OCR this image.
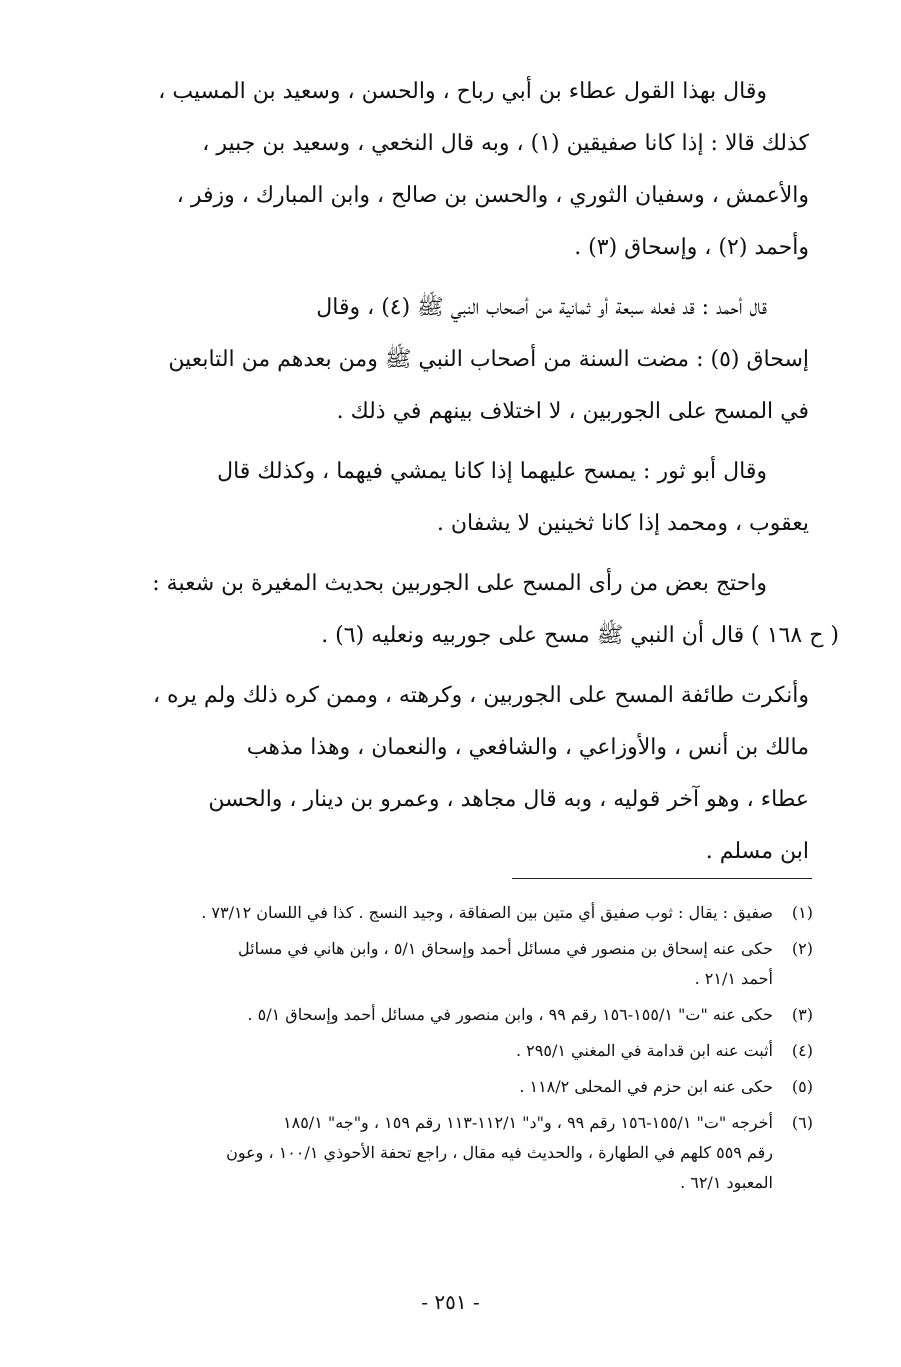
وقال بهذا القول عطاء بن أبي رباح ، والحسن ، وسعيد بن المسيب ،
كذلك قالا : إذا كانا صفيقين (١) ، وبه قال النخعي ، وسعيد بن جبير ،
والأعمش ، وسفيان الثوري ، والحسن بن صالح ، وابن المبارك ، وزفر ،
وأحمد (٢) ، وإسحاق (٣) .
قال أحمد : قد فعله سبعة أو ثمانية من أصحاب النبي ﷺ (٤) ، وقال
إسحاق (٥) : مضت السنة من أصحاب النبي ﷺ ومن بعدهم من التابعين
في المسح على الجوربين ، لا اختلاف بينهم في ذلك .
وقال أبو ثور : يمسح عليهما إذا كانا يمشي فيهما ، وكذلك قال
يعقوب ، ومحمد إذا كانا ثخينين لا يشفان .
واحتج بعض من رأى المسح على الجوربين بحديث المغيرة بن شعبة :
( ح ١٦٨ ) قال أن النبي ﷺ مسح على جوربيه ونعليه (٦) .
وأنكرت طائفة المسح على الجوربين ، وكرهته ، وممن كره ذلك ولم يره ،
مالك بن أنس ، والأوزاعي ، والشافعي ، والنعمان ، وهذا مذهب
عطاء ، وهو آخر قوليه ، وبه قال مجاهد ، وعمرو بن دينار ، والحسن
ابن مسلم .
(١)
صفيق : يقال : ثوب صفيق أي متين بين الصفاقة ، وجيد النسج . كذا في اللسان ٧٣/١٢ .
(٢)
حكى عنه إسحاق بن منصور في مسائل أحمد وإسحاق ٥/١ ، وابن هاني في مسائل
أحمد ٢١/١ .
(٣)
حكى عنه "ت" ١٥٥/١-١٥٦ رقم ٩٩ ، وابن منصور في مسائل أحمد وإسحاق ٥/١ .
(٤)
أثبت عنه ابن قدامة في المغني ٢٩٥/١ .
(٥)
حكى عنه ابن حزم في المحلى ١١٨/٢ .
(٦)
أخرجه "ت" ١٥٥/١-١٥٦ رقم ٩٩ ، و"د" ١١٢/١-١١٣ رقم ١٥٩ ، و"جه" ١٨٥/١
رقم ٥٥٩ كلهم في الطهارة ، والحديث فيه مقال ، راجع تحفة الأحوذي ١٠٠/١ ، وعون
المعبود ٦٢/١ .
- ٢٥١ -
